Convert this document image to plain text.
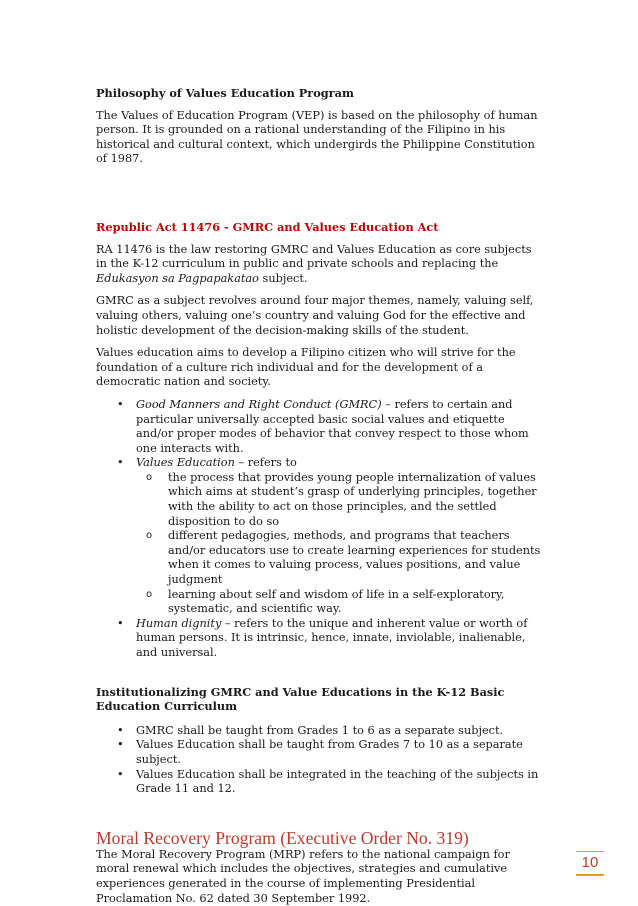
Philosophy of Values Education Program

The Values of Education Program (VEP) is based on the philosophy of human person. It is grounded on a rational understanding of the Filipino in his historical and cultural context, which undergirds the Philippine Constitution of 1987.

Republic Act 11476 - GMRC and Values Education Act

RA 11476 is the law restoring GMRC and Values Education as core subjects in the K-12 curriculum in public and private schools and replacing the Edukasyon sa Pagpapakatao subject.

GMRC as a subject revolves around four major themes, namely, valuing self, valuing others, valuing one’s country and valuing God for the effective and holistic development of the decision-making skills of the student.

Values education aims to develop a Filipino citizen who will strive for the foundation of a culture rich individual and for the development of a democratic nation and society.

• Good Manners and Right Conduct (GMRC) – refers to certain and particular universally accepted basic social values and etiquette and/or proper modes of behavior that convey respect to those whom one interacts with.
• Values Education – refers to
o the process that provides young people internalization of values which aims at student’s grasp of underlying principles, together with the ability to act on those principles, and the settled disposition to do so
o different pedagogies, methods, and programs that teachers and/or educators use to create learning experiences for students when it comes to valuing process, values positions, and value judgment
o learning about self and wisdom of life in a self-exploratory, systematic, and scientific way.
• Human dignity – refers to the unique and inherent value or worth of human persons. It is intrinsic, hence, innate, inviolable, inalienable, and universal.
Institutionalizing GMRC and Value Educations in the K-12 Basic Education Curriculum
• GMRC shall be taught from Grades 1 to 6 as a separate subject.
• Values Education shall be taught from Grades 7 to 10 as a separate subject.
• Values Education shall be integrated in the teaching of the subjects in Grade 11 and 12.
Moral Recovery Program (Executive Order No. 319)

The Moral Recovery Program (MRP) refers to the national campaign for moral renewal which includes the objectives, strategies and cumulative experiences generated in the course of implementing Presidential Proclamation No. 62 dated 30 September 1992.

10
